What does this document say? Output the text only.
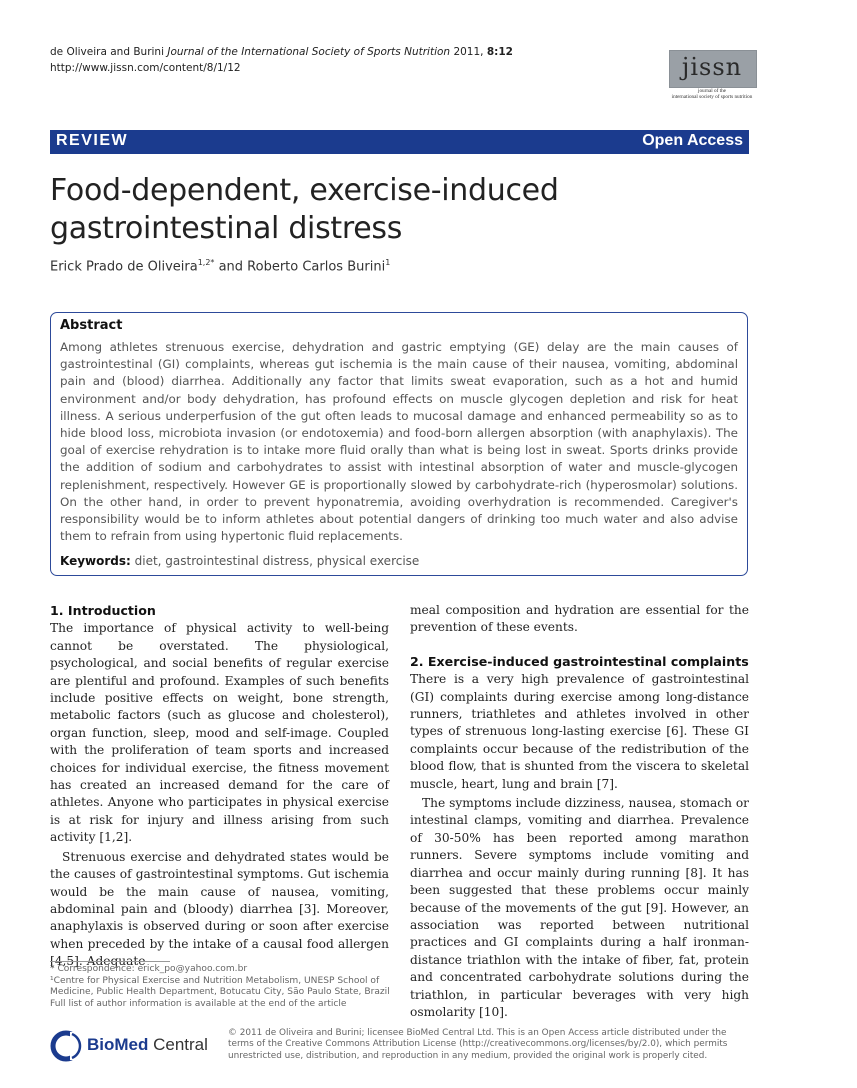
de Oliveira and Burini Journal of the International Society of Sports Nutrition 2011, 8:12
http://www.jissn.com/content/8/1/12	jissn
journal of the
international society of sports nutrition
REVIEW	Open Access
Food-dependent, exercise-induced
gastrointestinal distress
Erick Prado de Oliveira$^{1,2*}$ and Roberto Carlos Burini$^1$
Abstract
Among athletes strenuous exercise, dehydration and gastric emptying (GE) delay are the main causes of gastrointestinal (GI) complaints, whereas gut ischemia is the main cause of their nausea, vomiting, abdominal pain and (blood) diarrhea. Additionally any factor that limits sweat evaporation, such as a hot and humid environment and/or body dehydration, has profound effects on muscle glycogen depletion and risk for heat illness. A serious underperfusion of the gut often leads to mucosal damage and enhanced permeability so as to hide blood loss, microbiota invasion (or endotoxemia) and food-born allergen absorption (with anaphylaxis). The goal of exercise rehydration is to intake more fluid orally than what is being lost in sweat. Sports drinks provide the addition of sodium and carbohydrates to assist with intestinal absorption of water and muscle-glycogen replenishment, respectively. However GE is proportionally slowed by carbohydrate-rich (hyperosmolar) solutions. On the other hand, in order to prevent hyponatremia, avoiding overhydration is recommended. Caregiver's responsibility would be to inform athletes about potential dangers of drinking too much water and also advise them to refrain from using hypertonic fluid replacements.
Keywords: diet, gastrointestinal distress, physical exercise
1. Introduction

The importance of physical activity to well-being cannot be overstated. The physiological, psychological, and social benefits of regular exercise are plentiful and profound. Examples of such benefits include positive effects on weight, bone strength, metabolic factors (such as glucose and cholesterol), organ function, sleep, mood and self-image. Coupled with the proliferation of team sports and increased choices for individual exercise, the fitness movement has created an increased demand for the care of athletes. Anyone who participates in physical exercise is at risk for injury and illness arising from such activity [1,2].

Strenuous exercise and dehydrated states would be the causes of gastrointestinal symptoms. Gut ischemia would be the main cause of nausea, vomiting, abdominal pain and (bloody) diarrhea [3]. Moreover, anaphylaxis is observed during or soon after exercise when preceded by the intake of a causal food allergen [4,5]. Adequate

meal composition and hydration are essential for the prevention of these events.

2. Exercise-induced gastrointestinal complaints

There is a very high prevalence of gastrointestinal (GI) complaints during exercise among long-distance runners, triathletes and athletes involved in other types of strenuous long-lasting exercise [6]. These GI complaints occur because of the redistribution of the blood flow, that is shunted from the viscera to skeletal muscle, heart, lung and brain [7].

The symptoms include dizziness, nausea, stomach or intestinal clamps, vomiting and diarrhea. Prevalence of 30-50% has been reported among marathon runners. Severe symptoms include vomiting and diarrhea and occur mainly during running [8]. It has been suggested that these problems occur mainly because of the movements of the gut [9]. However, an association was reported between nutritional practices and GI complaints during a half ironman-distance triathlon with the intake of fiber, fat, protein and concentrated carbohydrate solutions during the triathlon, in particular beverages with very high osmolarity [10].

* Correspondence: erick_po@yahoo.com.br
¹Centre for Physical Exercise and Nutrition Metabolism, UNESP School of Medicine, Public Health Department, Botucatu City, São Paulo State, Brazil
Full list of author information is available at the end of the article
BioMed Central
© 2011 de Oliveira and Burini; licensee BioMed Central Ltd. This is an Open Access article distributed under the terms of the Creative Commons Attribution License (http://creativecommons.org/licenses/by/2.0), which permits unrestricted use, distribution, and reproduction in any medium, provided the original work is properly cited.
